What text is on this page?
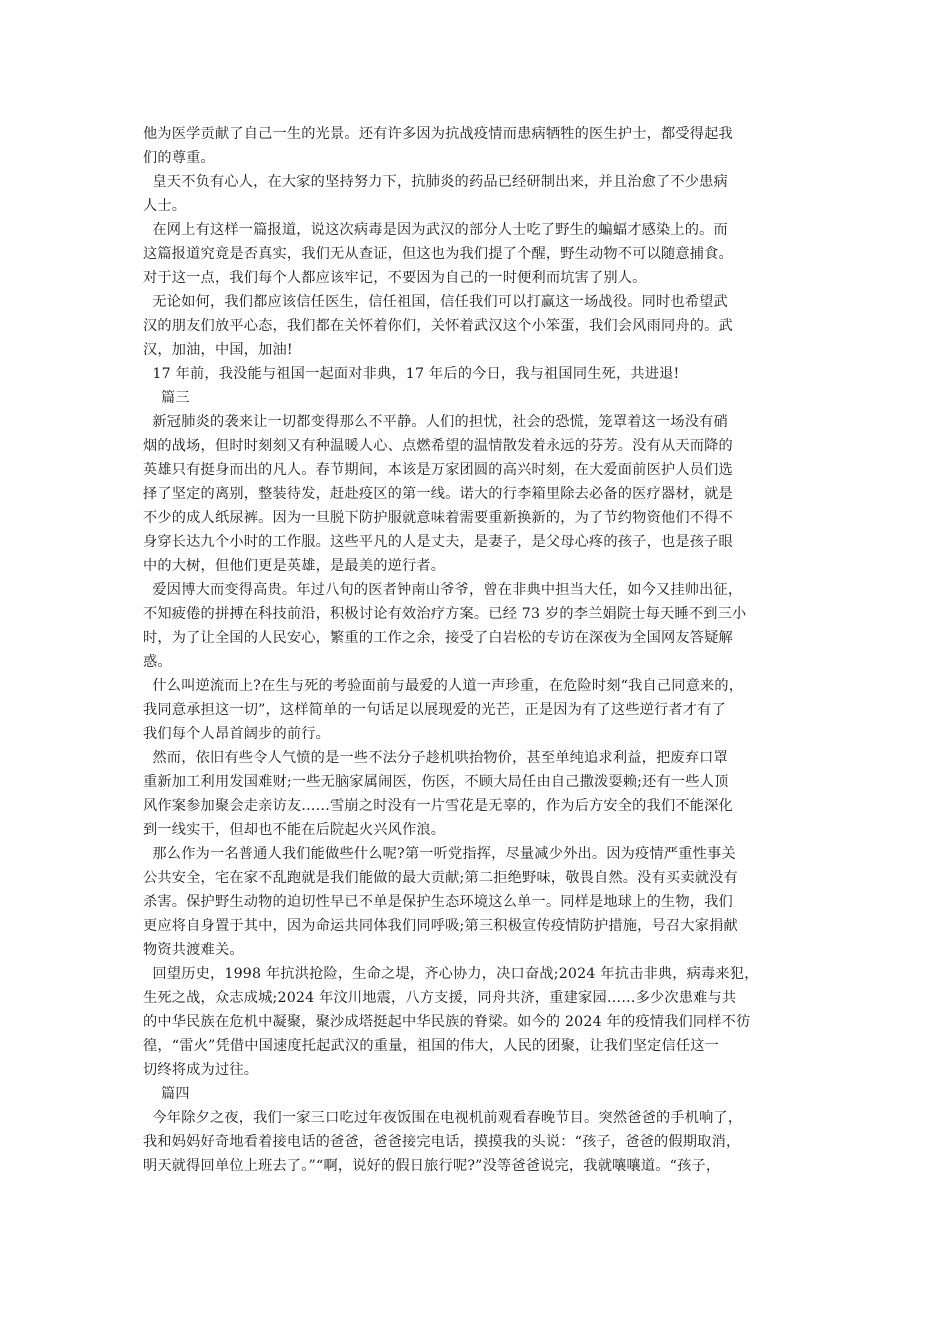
他为医学贡献了自己一生的光景。还有许多因为抗战疫情而患病牺牲的医生护士，都受得起我
们的尊重。
皇天不负有心人，在大家的坚持努力下，抗肺炎的药品已经研制出来，并且治愈了不少患病
人士。
在网上有这样一篇报道，说这次病毒是因为武汉的部分人士吃了野生的蝙蝠才感染上的。而
这篇报道究竟是否真实，我们无从查证，但这也为我们提了个醒，野生动物不可以随意捕食。
对于这一点，我们每个人都应该牢记，不要因为自己的一时便利而坑害了别人。
无论如何，我们都应该信任医生，信任祖国，信任我们可以打赢这一场战役。同时也希望武
汉的朋友们放平心态，我们都在关怀着你们，关怀着武汉这个小笨蛋，我们会风雨同舟的。武
汉，加油，中国，加油!
17 年前，我没能与祖国一起面对非典，17 年后的今日，我与祖国同生死，共进退!
篇三
新冠肺炎的袭来让一切都变得那么不平静。人们的担忧，社会的恐慌，笼罩着这一场没有硝
烟的战场，但时时刻刻又有种温暖人心、点燃希望的温情散发着永远的芬芳。没有从天而降的
英雄只有挺身而出的凡人。春节期间，本该是万家团圆的高兴时刻，在大爱面前医护人员们选
择了坚定的离别，整装待发，赶赴疫区的第一线。诺大的行李箱里除去必备的医疗器材，就是
不少的成人纸尿裤。因为一旦脱下防护服就意味着需要重新换新的，为了节约物资他们不得不
身穿长达九个小时的工作服。这些平凡的人是丈夫，是妻子，是父母心疼的孩子，也是孩子眼
中的大树，但他们更是英雄，是最美的逆行者。
爱因博大而变得高贵。年过八旬的医者钟南山爷爷，曾在非典中担当大任，如今又挂帅出征，
不知疲倦的拼搏在科技前沿，积极讨论有效治疗方案。已经 73 岁的李兰娟院士每天睡不到三小
时，为了让全国的人民安心，繁重的工作之余，接受了白岩松的专访在深夜为全国网友答疑解
惑。
什么叫逆流而上?在生与死的考验面前与最爱的人道一声珍重，在危险时刻“我自己同意来的，
我同意承担这一切”，这样简单的一句话足以展现爱的光芒，正是因为有了这些逆行者才有了
我们每个人昂首阔步的前行。
然而，依旧有些令人气愤的是一些不法分子趁机哄抬物价，甚至单纯追求利益，把废弃口罩
重新加工利用发国难财;一些无脑家属闹医，伤医，不顾大局任由自己撒泼耍赖;还有一些人顶
风作案参加聚会走亲访友……雪崩之时没有一片雪花是无辜的，作为后方安全的我们不能深化
到一线实干，但却也不能在后院起火兴风作浪。
那么作为一名普通人我们能做些什么呢?第一听党指挥，尽量减少外出。因为疫情严重性事关
公共安全，宅在家不乱跑就是我们能做的最大贡献;第二拒绝野味，敬畏自然。没有买卖就没有
杀害。保护野生动物的迫切性早已不单是保护生态环境这么单一。同样是地球上的生物，我们
更应将自身置于其中，因为命运共同体我们同呼吸;第三积极宣传疫情防护措施，号召大家捐献
物资共渡难关。
回望历史，1998 年抗洪抢险，生命之堤，齐心协力，决口奋战;2024 年抗击非典，病毒来犯，
生死之战，众志成城;2024 年汶川地震，八方支援，同舟共济，重建家园……多少次患难与共
的中华民族在危机中凝聚，聚沙成塔挺起中华民族的脊梁。如今的 2024 年的疫情我们同样不彷
徨，“雷火”凭借中国速度托起武汉的重量，祖国的伟大，人民的团聚，让我们坚定信任这一
切终将成为过往。
篇四
今年除夕之夜，我们一家三口吃过年夜饭围在电视机前观看春晚节目。突然爸爸的手机响了，
我和妈妈好奇地看着接电话的爸爸，爸爸接完电话，摸摸我的头说：“孩子，爸爸的假期取消，
明天就得回单位上班去了。”“啊，说好的假日旅行呢?”没等爸爸说完，我就嚷嚷道。“孩子，
